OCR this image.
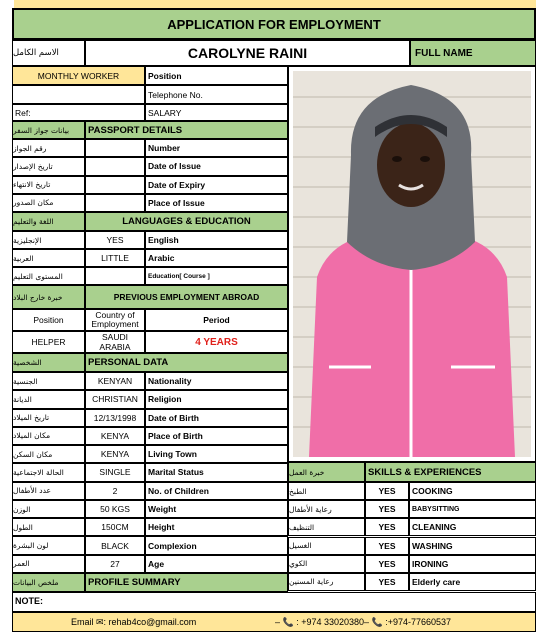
APPLICATION FOR EMPLOYMENT
الاسم الكامل	CAROLYNE RAINI	FULL NAME
MONTHLY WORKER	Position
Telephone No.
Ref:	SALARY
بيانات جواز السفر	PASSPORT DETAILS
رقم الجواز	Number
تاريخ الإصدار	Date of Issue
تاريخ الانتهاء	Date of Expiry
مكان الصدور	Place of Issue
اللغة والتعليم	LANGUAGES & EDUCATION
الإنجليزية	YES	English
العربية	LITTLE	Arabic
المستوى التعليم	Education[ Course ]
خبرة خارج البلاد	PREVIOUS EMPLOYMENT ABROAD
Position	Country of Employment	Period
HELPER	SAUDI ARABIA	4 YEARS
الشخصية	PERSONAL DATA
الجنسية	KENYAN	Nationality
الديانة	CHRISTIAN	Religion
تاريخ الميلاد	12/13/1998	Date of Birth
مكان الميلاد	KENYA	Place of Birth
مكان السكن	KENYA	Living Town
الحالة الاجتماعية	SINGLE	Marital Status
عدد الأطفال	2	No. of Children
الوزن	50 KGS	Weight
الطول	150CM	Height
لون البشرة	BLACK	Complexion
العمر	27	Age
خبرة العمل	SKILLS & EXPERIENCES
الطبخ	YES	COOKING
رعاية الأطفال	YES	BABYSITTING
التنظيف	YES	CLEANING
الغسيل	YES	WASHING
الكوي	YES	IRONING
رعاية المسنين	YES	Elderly care
ملخص البيانات	PROFILE SUMMARY
NOTE:
Email ✉: rehab4co@gmail.com	– 📞 : +974 33020380– 📞 :+974-77660537
